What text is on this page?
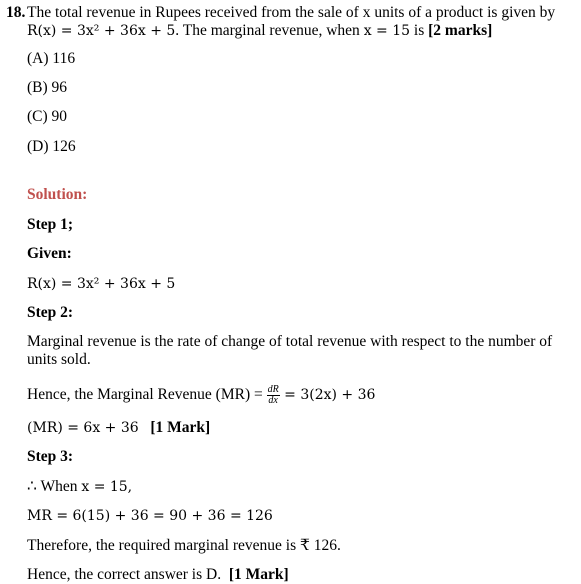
18. The total revenue in Rupees received from the sale of x units of a product is given by
R(x) = 3x² + 36x + 5. The marginal revenue, when x = 15 is [2 marks]
(A) 116
(B) 96
(C) 90
(D) 126
Solution:
Step 1;
Given:
R(x) = 3x² + 36x + 5
Step 2:
Marginal revenue is the rate of change of total revenue with respect to the number of
units sold.
Hence, the Marginal Revenue $(MR) = \frac{dR}{dx} = 3(2x) + 36$
(MR) = 6x + 36 [1 Mark]
Step 3:
∴ When x = 15,
MR = 6(15) + 36 = 90 + 36 = 126
Therefore, the required marginal revenue is ₹ 126.
Hence, the correct answer is D.  [1 Mark]
